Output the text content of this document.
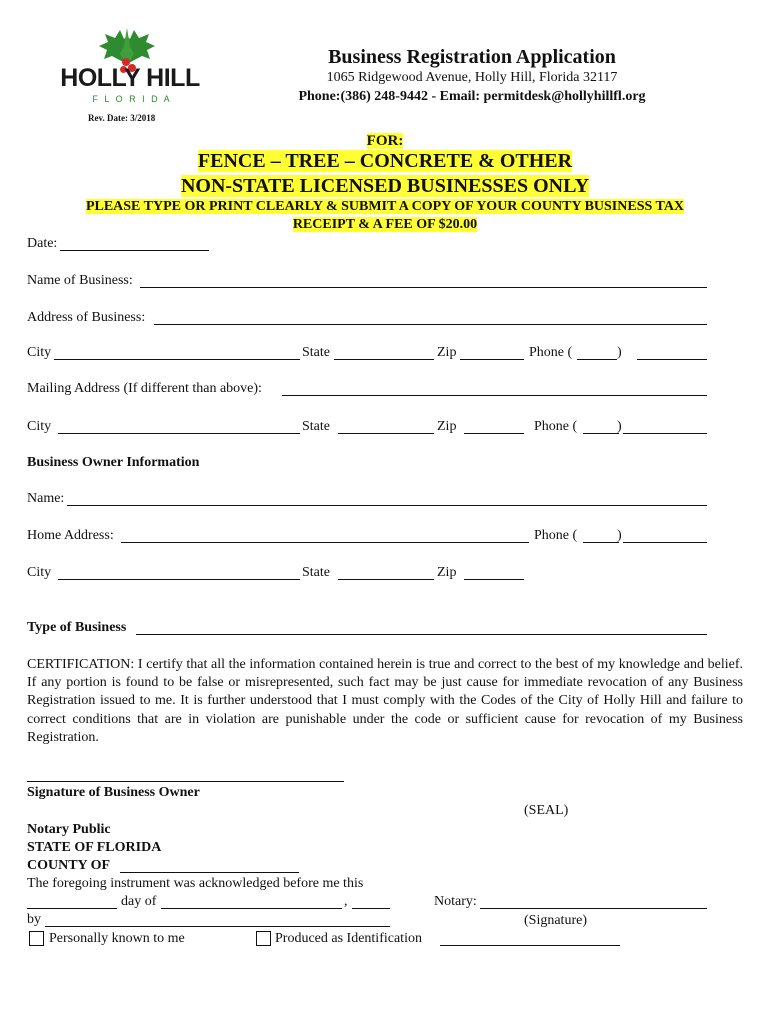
HOLLY HILL
F L O R I D A
Rev. Date: 3/2018
Business Registration Application
1065 Ridgewood Avenue, Holly Hill, Florida 32117
Phone:(386) 248-9442 - Email: permitdesk@hollyhillfl.org
FOR:
FENCE – TREE – CONCRETE & OTHER
NON-STATE LICENSED BUSINESSES ONLY
PLEASE TYPE OR PRINT CLEARLY & SUBMIT A COPY OF YOUR COUNTY BUSINESS TAX
RECEIPT & A FEE OF $20.00
Date:
Name of Business:
Address of Business:
City	State	Zip	Phone (	)
Mailing Address (If different than above):
City	State	Zip	Phone (	)
Business Owner Information
Name:
Home Address:	Phone (	)
City	State	Zip
Type of Business
CERTIFICATION: I certify that all the information contained herein is true and correct to the best of my knowledge and belief. If any portion is found to be false or misrepresented, such fact may be just cause for immediate revocation of any Business Registration issued to me. It is further understood that I must comply with the Codes of the City of Holly Hill and failure to correct conditions that are in violation are punishable under the code or sufficient cause for revocation of my Business Registration.
Signature of Business Owner
(SEAL)
Notary Public
STATE OF FLORIDA
COUNTY OF
The foregoing instrument was acknowledged before me this
day of	,	Notary:
by	(Signature)
Personally known to me	Produced as Identification
